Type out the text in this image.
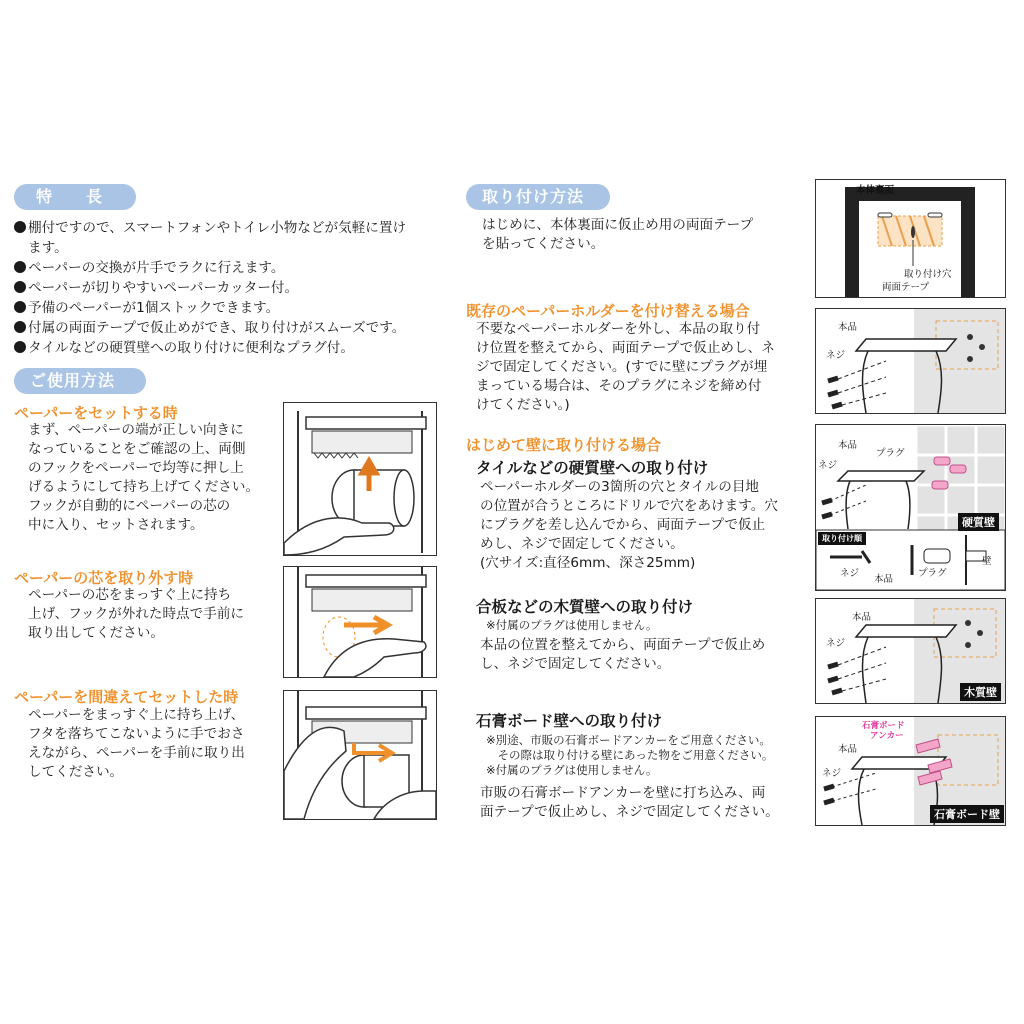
特長
棚付ですので、スマートフォンやトイレ小物などが気軽に置け
ます。
ペーパーの交換が片手でラクに行えます。
ペーパーが切りやすいペーパーカッター付。
予備のペーパーが1個ストックできます。
付属の両面テープで仮止めができ、取り付けがスムーズです。
タイルなどの硬質壁への取り付けに便利なプラグ付。
ご使用方法
ペーパーをセットする時
まず、ペーパーの端が正しい向きに
なっていることをご確認の上、両側
のフックをペーパーで均等に押し上
げるようにして持ち上げてください。
フックが自動的にペーパーの芯の
中に入り、セットされます。
ペーパーの芯を取り外す時
ペーパーの芯をまっすぐ上に持ち
上げ、フックが外れた時点で手前に
取り出してください。
ペーパーを間違えてセットした時
ペーパーをまっすぐ上に持ち上げ、
フタを落ちてこないように手でおさ
えながら、ペーパーを手前に取り出
してください。
取り付け方法
はじめに、本体裏面に仮止め用の両面テープ
を貼ってください。
既存のペーパーホルダーを付け替える場合
不要なペーパーホルダーを外し、本品の取り付
け位置を整えてから、両面テープで仮止めし、ネ
ジで固定してください。(すでに壁にプラグが埋
まっている場合は、そのプラグにネジを締め付
けてください。)
はじめて壁に取り付ける場合
タイルなどの硬質壁への取り付け
ペーパーホルダーの3箇所の穴とタイルの目地
の位置が合うところにドリルで穴をあけます。穴
にプラグを差し込んでから、両面テープで仮止
めし、ネジで固定してください。
(穴サイズ:直径6mm、深さ25mm)
合板などの木質壁への取り付け
※付属のプラグは使用しません。
本品の位置を整えてから、両面テープで仮止め
し、ネジで固定してください。
石膏ボード壁への取り付け
※別途、市販の石膏ボードアンカーをご用意ください。
　その際は取り付ける壁にあった物をご用意ください。
※付属のプラグは使用しません。
市販の石膏ボードアンカーを壁に打ち込み、両
面テープで仮止めし、ネジで固定してください。
本体裏面
取り付け穴
両面テープ
本品
ネジ
本品
プラグ
ネジ
硬質壁
取り付け順
ネジ
本品
プラグ
壁
本品
ネジ
木質壁
石膏ボード
アンカー
本品
ネジ
石膏ボード壁
